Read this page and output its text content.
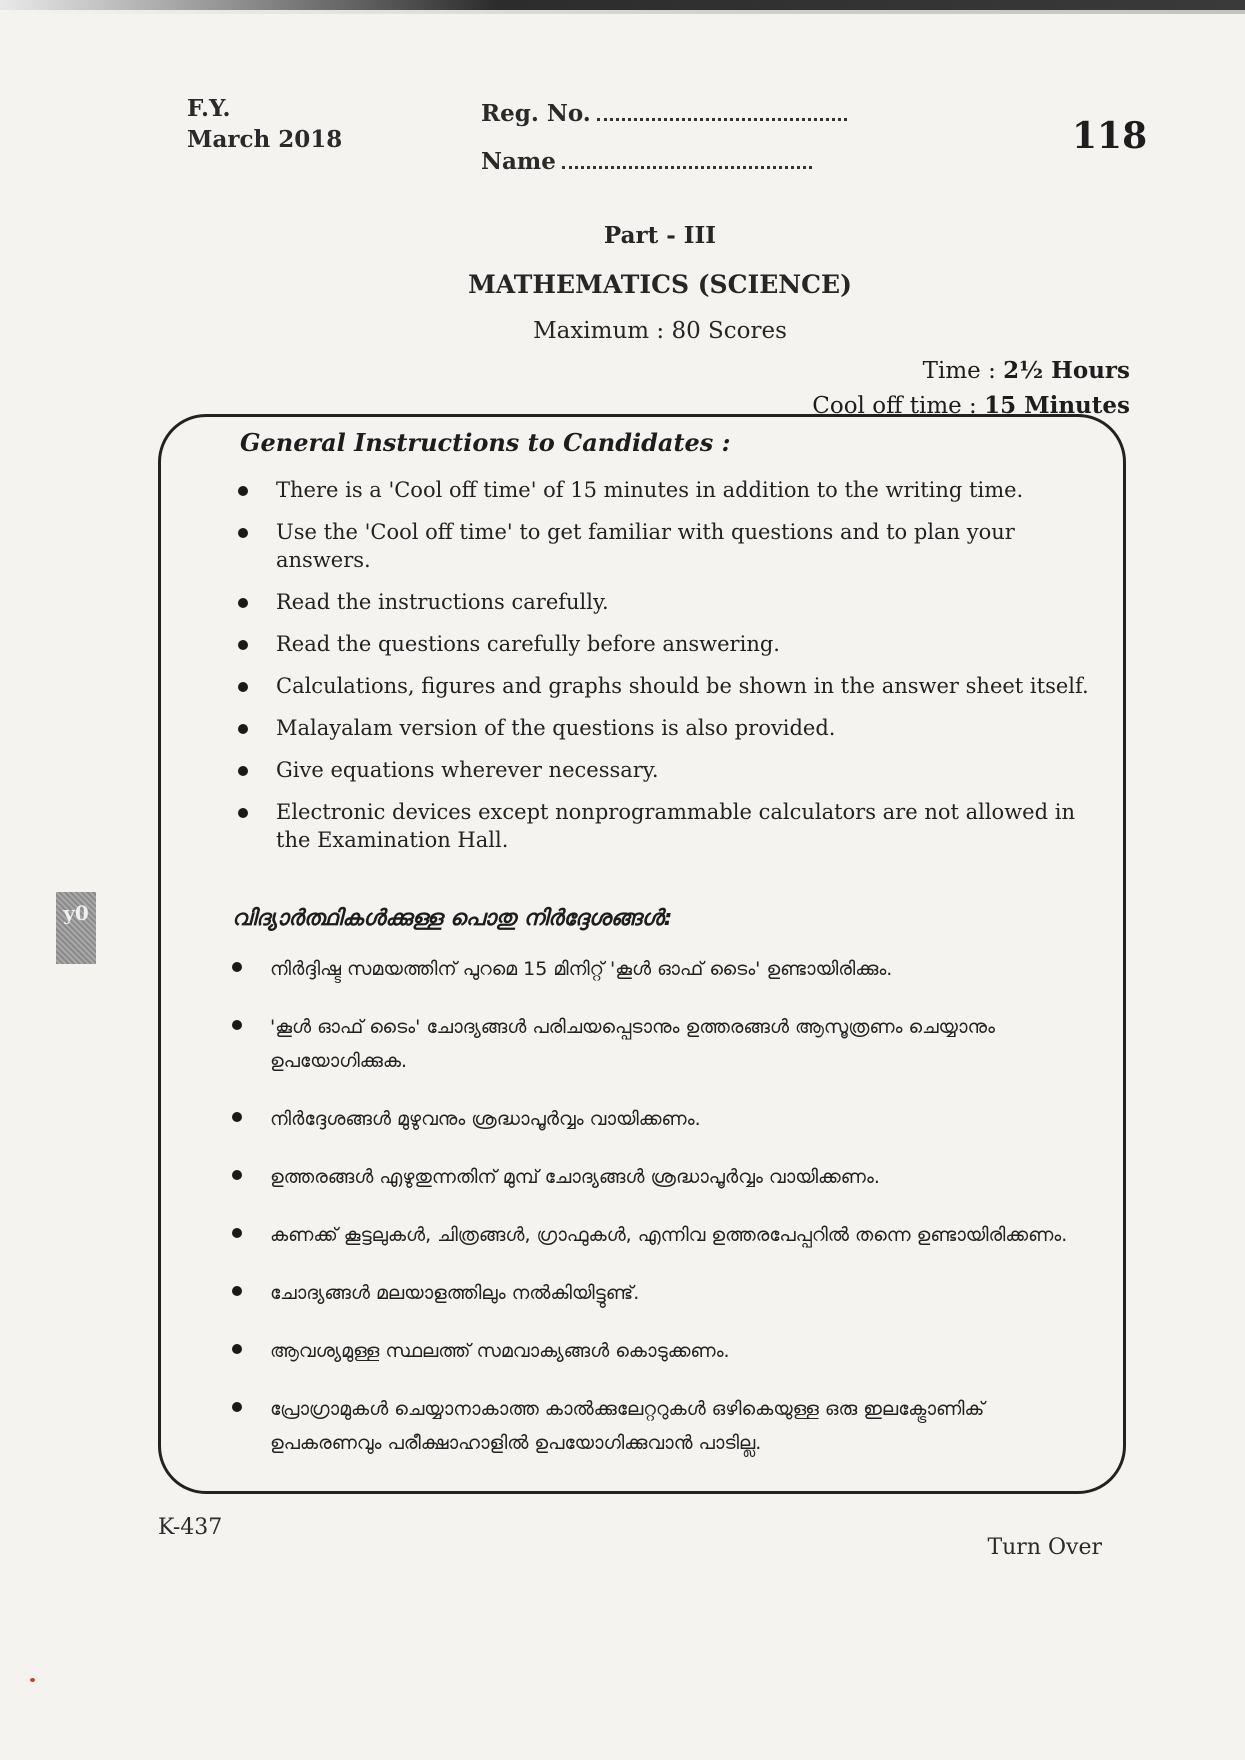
F.Y.
March 2018
Reg. No.
Name
118
Part - III
MATHEMATICS (SCIENCE)
Maximum : 80 Scores
Time : 2½ Hours
Cool off time : 15 Minutes
General Instructions to Candidates :
There is a 'Cool off time' of 15 minutes in addition to the writing time.
Use the 'Cool off time' to get familiar with questions and to plan your answers.
Read the instructions carefully.
Read the questions carefully before answering.
Calculations, figures and graphs should be shown in the answer sheet itself.
Malayalam version of the questions is also provided.
Give equations wherever necessary.
Electronic devices except nonprogrammable calculators are not allowed in the Examination Hall.
വിദ്യാർത്ഥികൾക്കുള്ള പൊതു നിർദ്ദേശങ്ങൾ:
നിർദ്ദിഷ്ട സമയത്തിന് പുറമെ 15 മിനിറ്റ് 'കൂൾ ഓഫ് ടൈം' ഉണ്ടായിരിക്കും.
'കൂൾ ഓഫ് ടൈം' ചോദ്യങ്ങൾ പരിചയപ്പെടാനും ഉത്തരങ്ങൾ ആസൂത്രണം ചെയ്യാനും ഉപയോഗിക്കുക.
നിർദ്ദേശങ്ങൾ മുഴുവനും ശ്രദ്ധാപൂർവ്വം വായിക്കണം.
ഉത്തരങ്ങൾ എഴുതുന്നതിന് മുമ്പ് ചോദ്യങ്ങൾ ശ്രദ്ധാപൂർവ്വം വായിക്കണം.
കണക്ക് കൂട്ടലുകൾ, ചിത്രങ്ങൾ, ഗ്രാഫുകൾ, എന്നിവ ഉത്തരപേപ്പറിൽ തന്നെ ഉണ്ടായിരിക്കണം.
ചോദ്യങ്ങൾ മലയാളത്തിലും നൽകിയിട്ടുണ്ട്.
ആവശ്യമുള്ള സ്ഥലത്ത് സമവാക്യങ്ങൾ കൊടുക്കണം.
പ്രോഗ്രാമുകൾ ചെയ്യാനാകാത്ത കാൽക്കുലേറ്ററുകൾ ഒഴികെയുള്ള ഒരു ഇലക്ട്രോണിക് ഉപകരണവും പരീക്ഷാഹാളിൽ ഉപയോഗിക്കുവാൻ പാടില്ല.
K-437
Turn Over
y0
